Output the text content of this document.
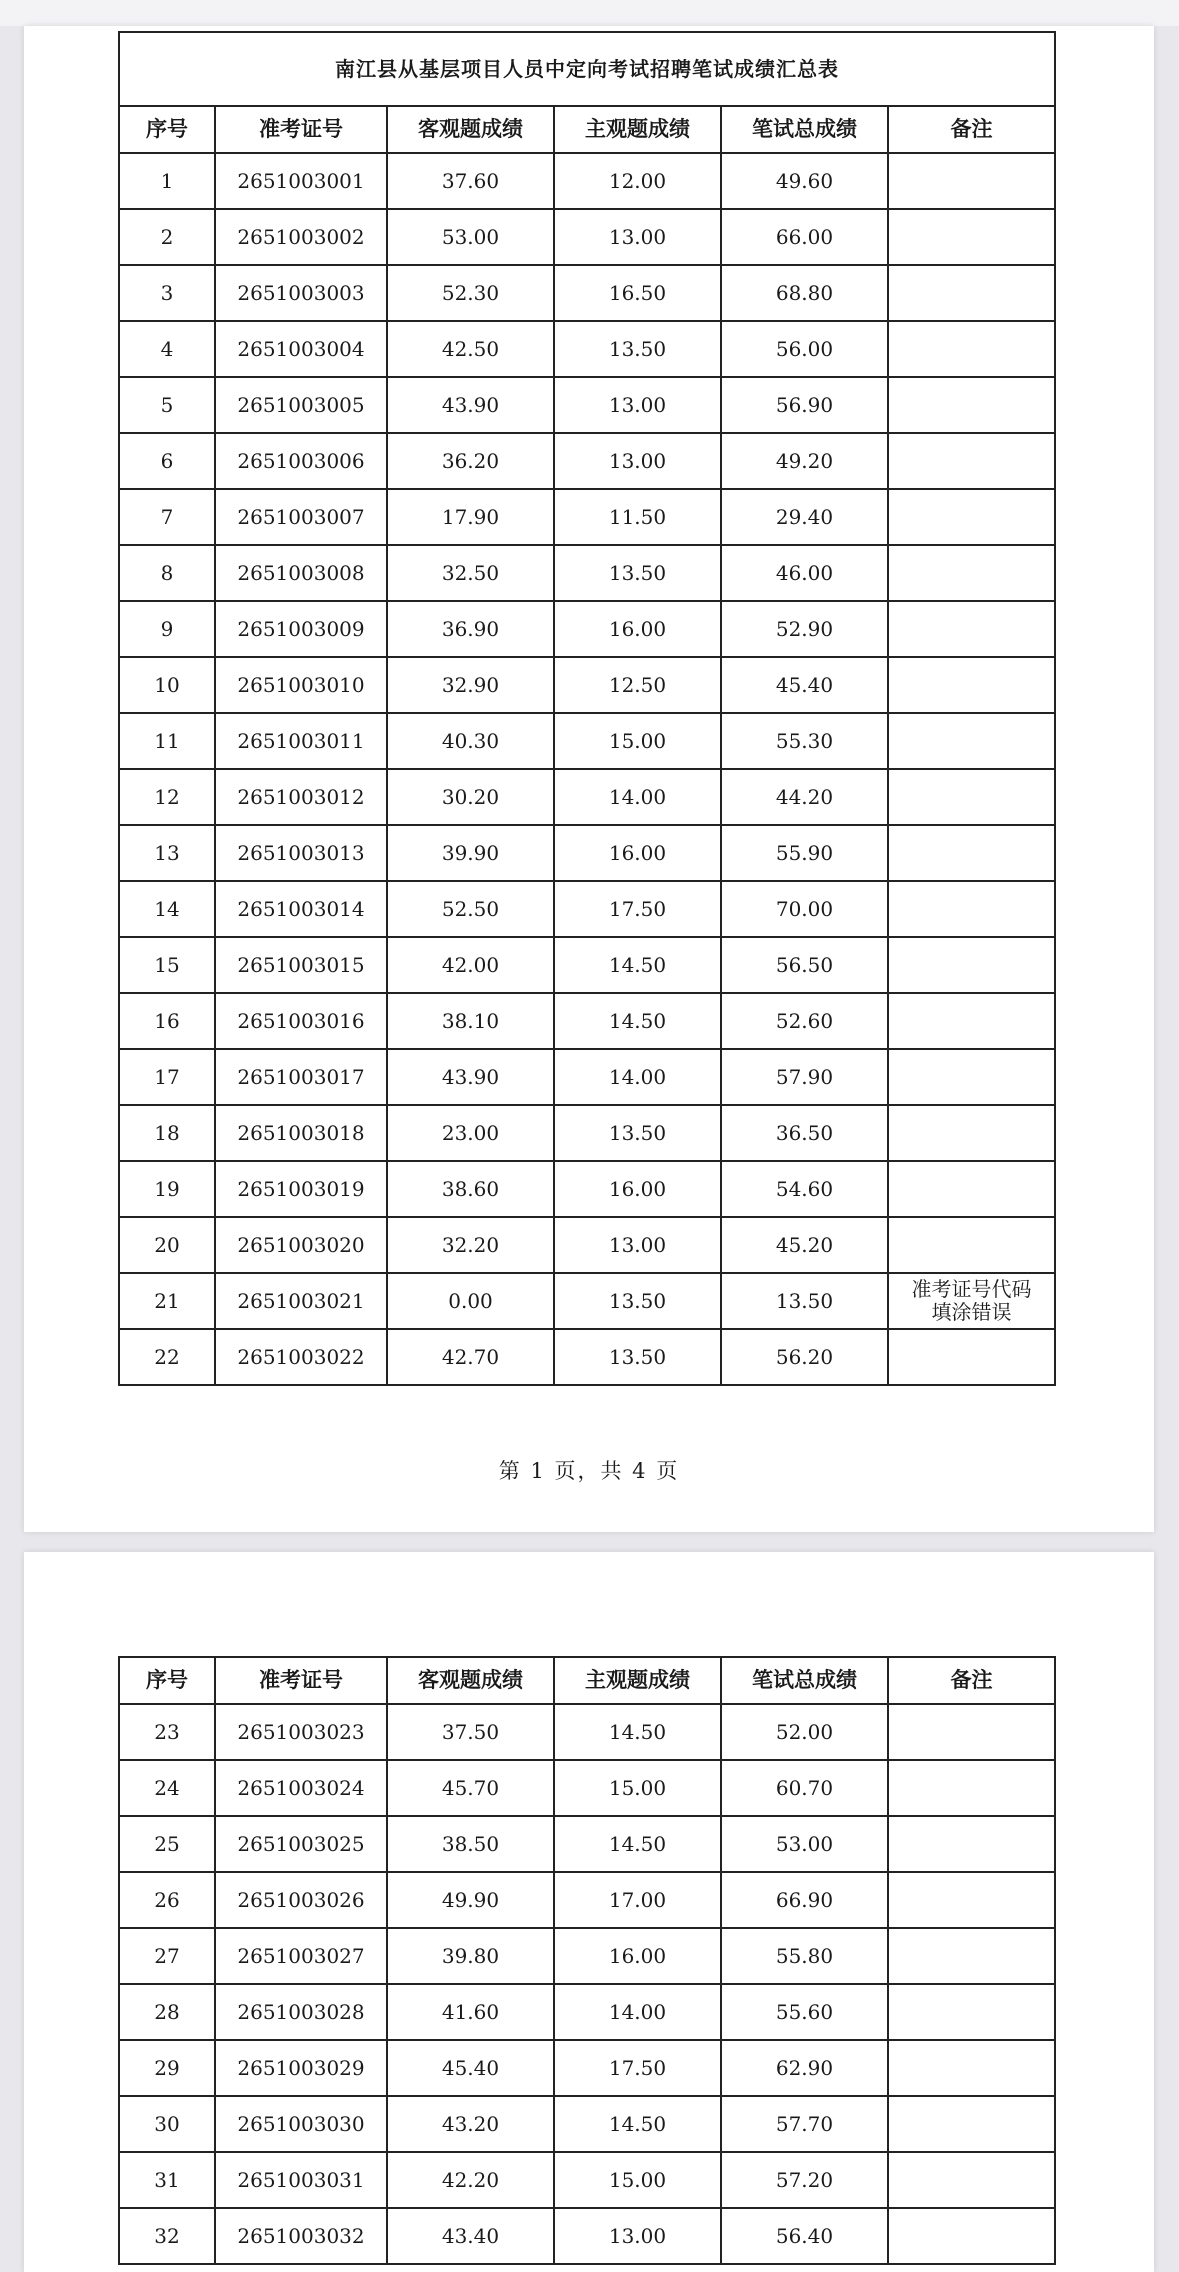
南江县从基层项目人员中定向考试招聘笔试成绩汇总表					
序号	准考证号	客观题成绩	主观题成绩	笔试总成绩	备注
1	2651003001	37.60	12.00	49.60	
2	2651003002	53.00	13.00	66.00	
3	2651003003	52.30	16.50	68.80	
4	2651003004	42.50	13.50	56.00	
5	2651003005	43.90	13.00	56.90	
6	2651003006	36.20	13.00	49.20	
7	2651003007	17.90	11.50	29.40	
8	2651003008	32.50	13.50	46.00	
9	2651003009	36.90	16.00	52.90	
10	2651003010	32.90	12.50	45.40	
11	2651003011	40.30	15.00	55.30	
12	2651003012	30.20	14.00	44.20	
13	2651003013	39.90	16.00	55.90	
14	2651003014	52.50	17.50	70.00	
15	2651003015	42.00	14.50	56.50	
16	2651003016	38.10	14.50	52.60	
17	2651003017	43.90	14.00	57.90	
18	2651003018	23.00	13.50	36.50	
19	2651003019	38.60	16.00	54.60	
20	2651003020	32.20	13.00	45.20	
21	2651003021	0.00	13.50	13.50	准考证号代码
填涂错误
22	2651003022	42.70	13.50	56.20	
第 1 页，共 4 页
序号	准考证号	客观题成绩	主观题成绩	笔试总成绩	备注
23	2651003023	37.50	14.50	52.00	
24	2651003024	45.70	15.00	60.70	
25	2651003025	38.50	14.50	53.00	
26	2651003026	49.90	17.00	66.90	
27	2651003027	39.80	16.00	55.80	
28	2651003028	41.60	14.00	55.60	
29	2651003029	45.40	17.50	62.90	
30	2651003030	43.20	14.50	57.70	
31	2651003031	42.20	15.00	57.20	
32	2651003032	43.40	13.00	56.40	
